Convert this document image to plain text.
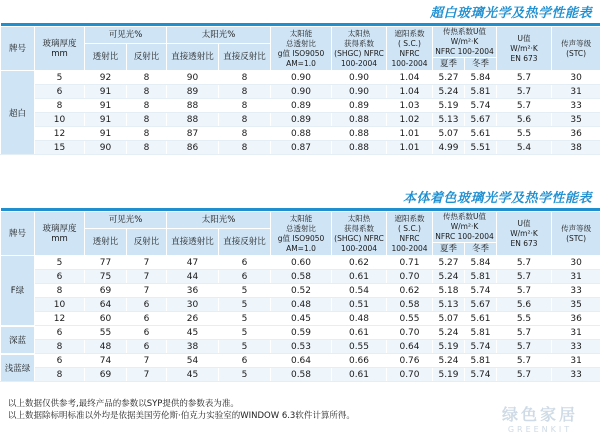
超白玻璃光学及热学性能表

牌号	玻璃厚度
mm	可见光%		太阳光%		太阳能
总透射比
g值 ISO9050
AM=1.0	太阳热
获得系数
(SHGC) NFRC
100-2004	遮阳系数
( S.C.)
NFRC
100-2004	传热系数U值
W/m²·K
NFRC 100-2004		U值
W/m²·K
EN 673	传声等级
(STC)
		透射比	反射比	直接透射比	直接反射比							
									夏季	冬季		
超白	5	92	8	90	8	0.90	0.90	1.04	5.27	5.84	5.7	30
	6	91	8	89	8	0.90	0.90	1.04	5.24	5.81	5.7	31
	8	91	8	88	8	0.89	0.89	1.03	5.19	5.74	5.7	33
	10	91	8	88	8	0.89	0.88	1.02	5.13	5.67	5.6	35
	12	91	8	87	8	0.88	0.88	1.01	5.07	5.61	5.5	36
	15	90	8	86	8	0.87	0.88	1.01	4.99	5.51	5.4	38
本体着色玻璃光学及热学性能表

牌号	玻璃厚度
mm	可见光%		太阳光%		太阳能
总透射比
g值 ISO9050
AM=1.0	太阳热
获得系数
(SHGC) NFRC
100-2004	遮阳系数
( S.C.)
NFRC
100-2004	传热系数U值
W/m²·K
NFRC 100-2004		U值
W/m²·K
EN 673	传声等级
(STC)
		透射比	反射比	直接透射比	直接反射比							
									夏季	冬季		
F绿	5	77	7	47	6	0.60	0.62	0.71	5.27	5.84	5.7	30
	6	75	7	44	6	0.58	0.61	0.70	5.24	5.81	5.7	31
	8	69	7	36	5	0.52	0.54	0.62	5.18	5.74	5.7	33
	10	64	6	30	5	0.48	0.51	0.58	5.13	5.67	5.6	35
	12	60	6	26	5	0.45	0.48	0.55	5.07	5.61	5.5	36
深蓝	6	55	6	45	5	0.59	0.61	0.70	5.24	5.81	5.7	31
	8	48	6	38	5	0.53	0.55	0.64	5.19	5.74	5.7	33
浅蓝绿	6	74	7	54	6	0.64	0.66	0.76	5.24	5.81	5.7	31
	8	69	7	45	5	0.58	0.61	0.70	5.19	5.74	5.7	33
以上数据仅供参考,最终产品的参数以SYP提供的参数表为准。
以上数据除标明标准以外均是依据美国劳伦斯·伯克力实验室的WINDOW 6.3软件计算所得。	绿色家居
GREENKIT
